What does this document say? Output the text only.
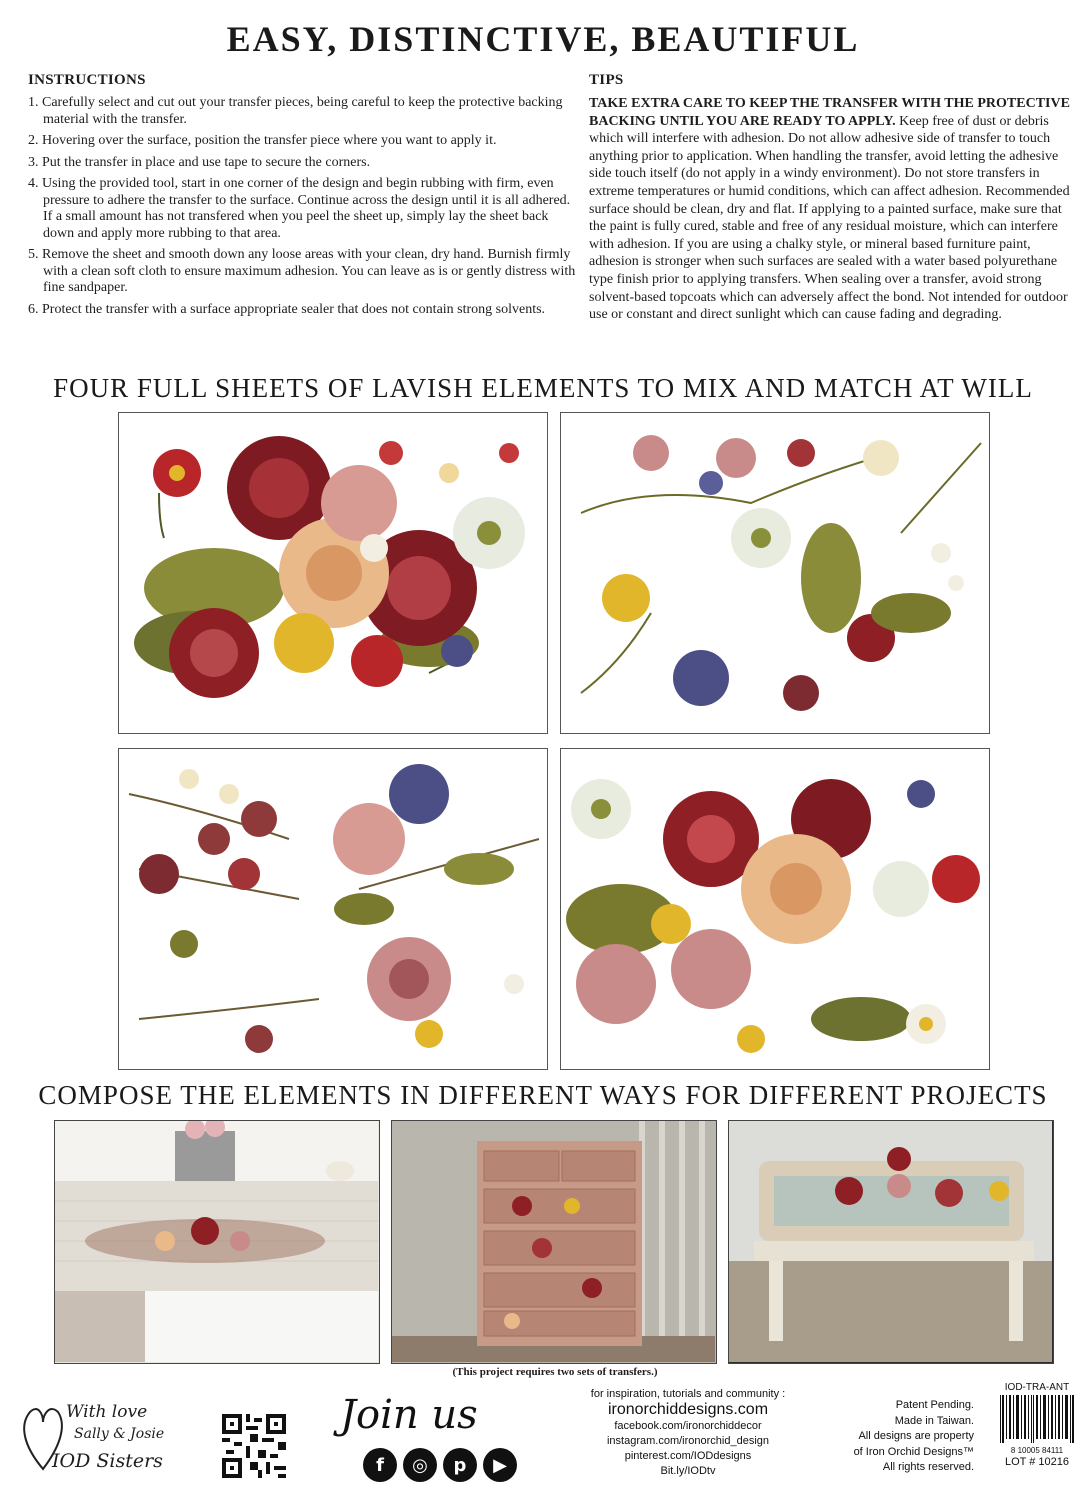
EASY, DISTINCTIVE, BEAUTIFUL
INSTRUCTIONS
1. Carefully select and cut out your transfer pieces, being careful to keep the protective backing material with the transfer.
2. Hovering over the surface, position the transfer piece where you want to apply it.
3. Put the transfer in place and use tape to secure the corners.
4. Using the provided tool, start in one corner of the design and begin rubbing with firm, even pressure to adhere the transfer to the surface. Continue across the design until it is all adhered. If a small amount has not transfered when you peel the sheet up, simply lay the sheet back down and apply more rubbing to that area.
5. Remove the sheet and smooth down any loose areas with your clean, dry hand. Burnish firmly with a clean soft cloth to ensure maximum adhesion. You can leave as is or gently distress with fine sandpaper.
6. Protect the transfer with a surface appropriate sealer that does not contain strong solvents.
TIPS

TAKE EXTRA CARE TO KEEP THE TRANSFER WITH THE PROTECTIVE BACKING UNTIL YOU ARE READY TO APPLY. Keep free of dust or debris which will interfere with adhesion. Do not allow adhesive side of transfer to touch anything prior to application. When handling the transfer, avoid letting the adhesive side touch itself (do not apply in a windy environment). Do not store transfers in extreme temperatures or humid conditions, which can affect adhesion. Recommended surface should be clean, dry and flat. If applying to a painted surface, make sure that the paint is fully cured, stable and free of any residual moisture, which can interfere with adhesion. If you are using a chalky style, or mineral based furniture paint, adhesion is stronger when such surfaces are sealed with a water based polyurethane type finish prior to applying transfers. When sealing over a transfer, avoid strong solvent-based topcoats which can adversely affect the bond. Not intended for outdoor use or constant and direct sunlight which can cause fading and degrading.

FOUR FULL SHEETS OF LAVISH ELEMENTS TO MIX AND MATCH AT WILL
COMPOSE THE ELEMENTS IN DIFFERENT WAYS FOR DIFFERENT PROJECTS
(This project requires two sets of transfers.)
With love
Sally & Josie
IOD Sisters
Join us
f	◎	p	▶
for inspiration, tutorials and community :
ironorchiddesigns.com
facebook.com/ironorchiddecor
instagram.com/ironorchid_design
pinterest.com/IODdesigns
Bit.ly/IODtv
Patent Pending.
Made in Taiwan.
All designs are property
of Iron Orchid Designs™
All rights reserved.
IOD-TRA-ANT
8 10005 84111
LOT # 10216
